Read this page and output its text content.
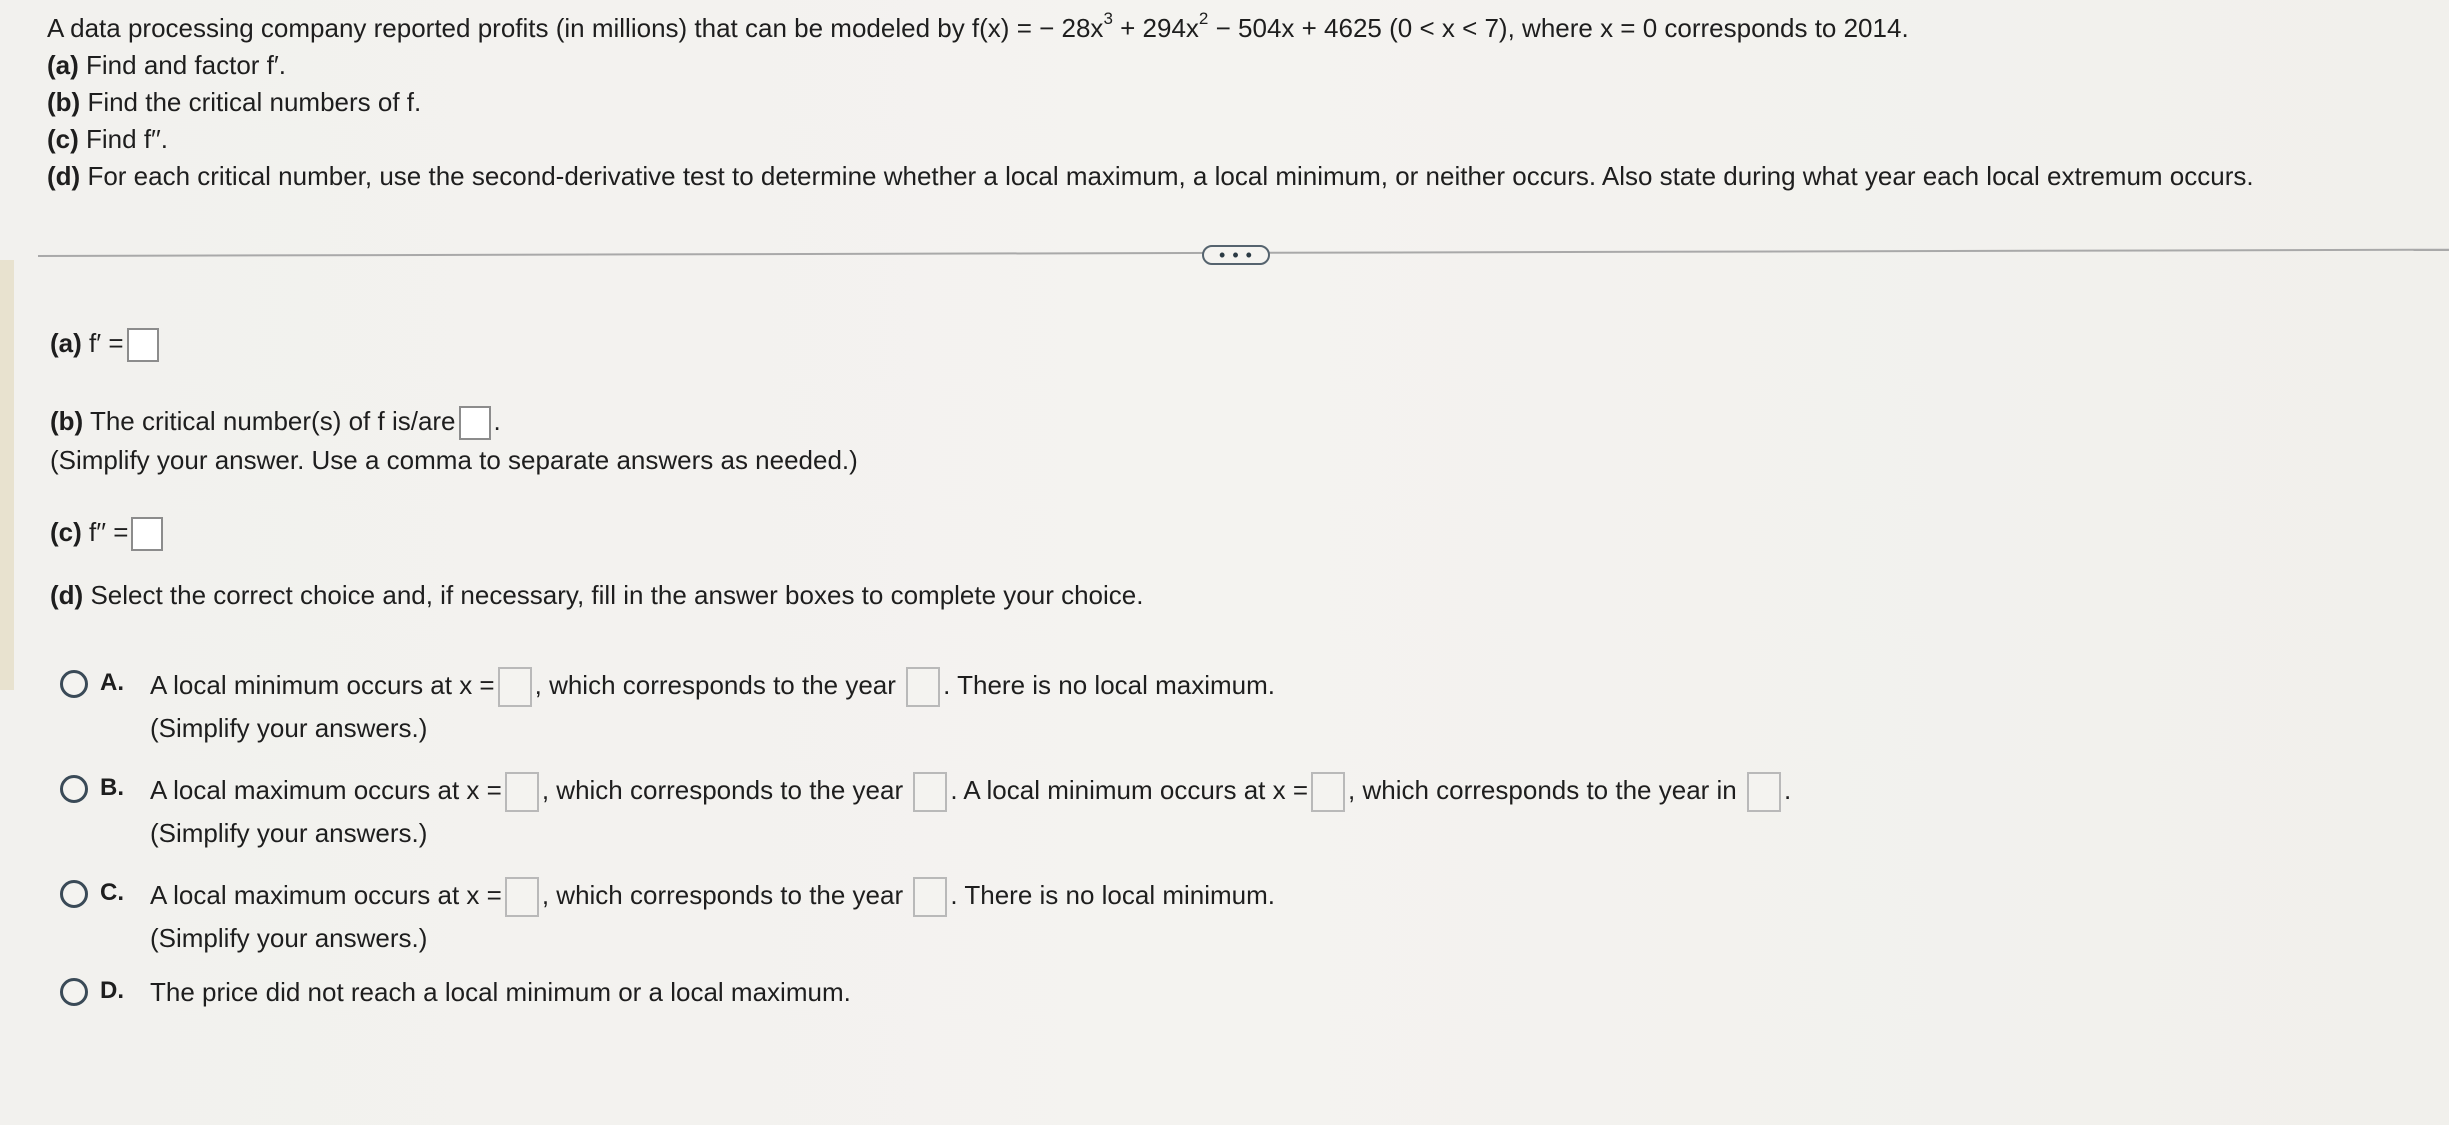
A data processing company reported profits (in millions) that can be modeled by f(x) = − $28x^3 + 294x^2 - 504x + 4625$ (0 < x < 7), where x = 0 corresponds to 2014.
(a) Find and factor f′.
(b) Find the critical numbers of f.
(c) Find f′′.
(d) For each critical number, use the second-derivative test to determine whether a local maximum, a local minimum, or neither occurs. Also state during what year each local extremum occurs.
• • •
(a) f′ =
(b) The critical number(s) of f is/are .
(Simplify your answer. Use a comma to separate answers as needed.)
(c) f′′ =
(d) Select the correct choice and, if necessary, fill in the answer boxes to complete your choice.
A. A local minimum occurs at x = , which corresponds to the year . There is no local maximum.
(Simplify your answers.)
B. A local maximum occurs at x = , which corresponds to the year . A local minimum occurs at x = , which corresponds to the year in .
(Simplify your answers.)
C. A local maximum occurs at x = , which corresponds to the year . There is no local minimum.
(Simplify your answers.)
D. The price did not reach a local minimum or a local maximum.
